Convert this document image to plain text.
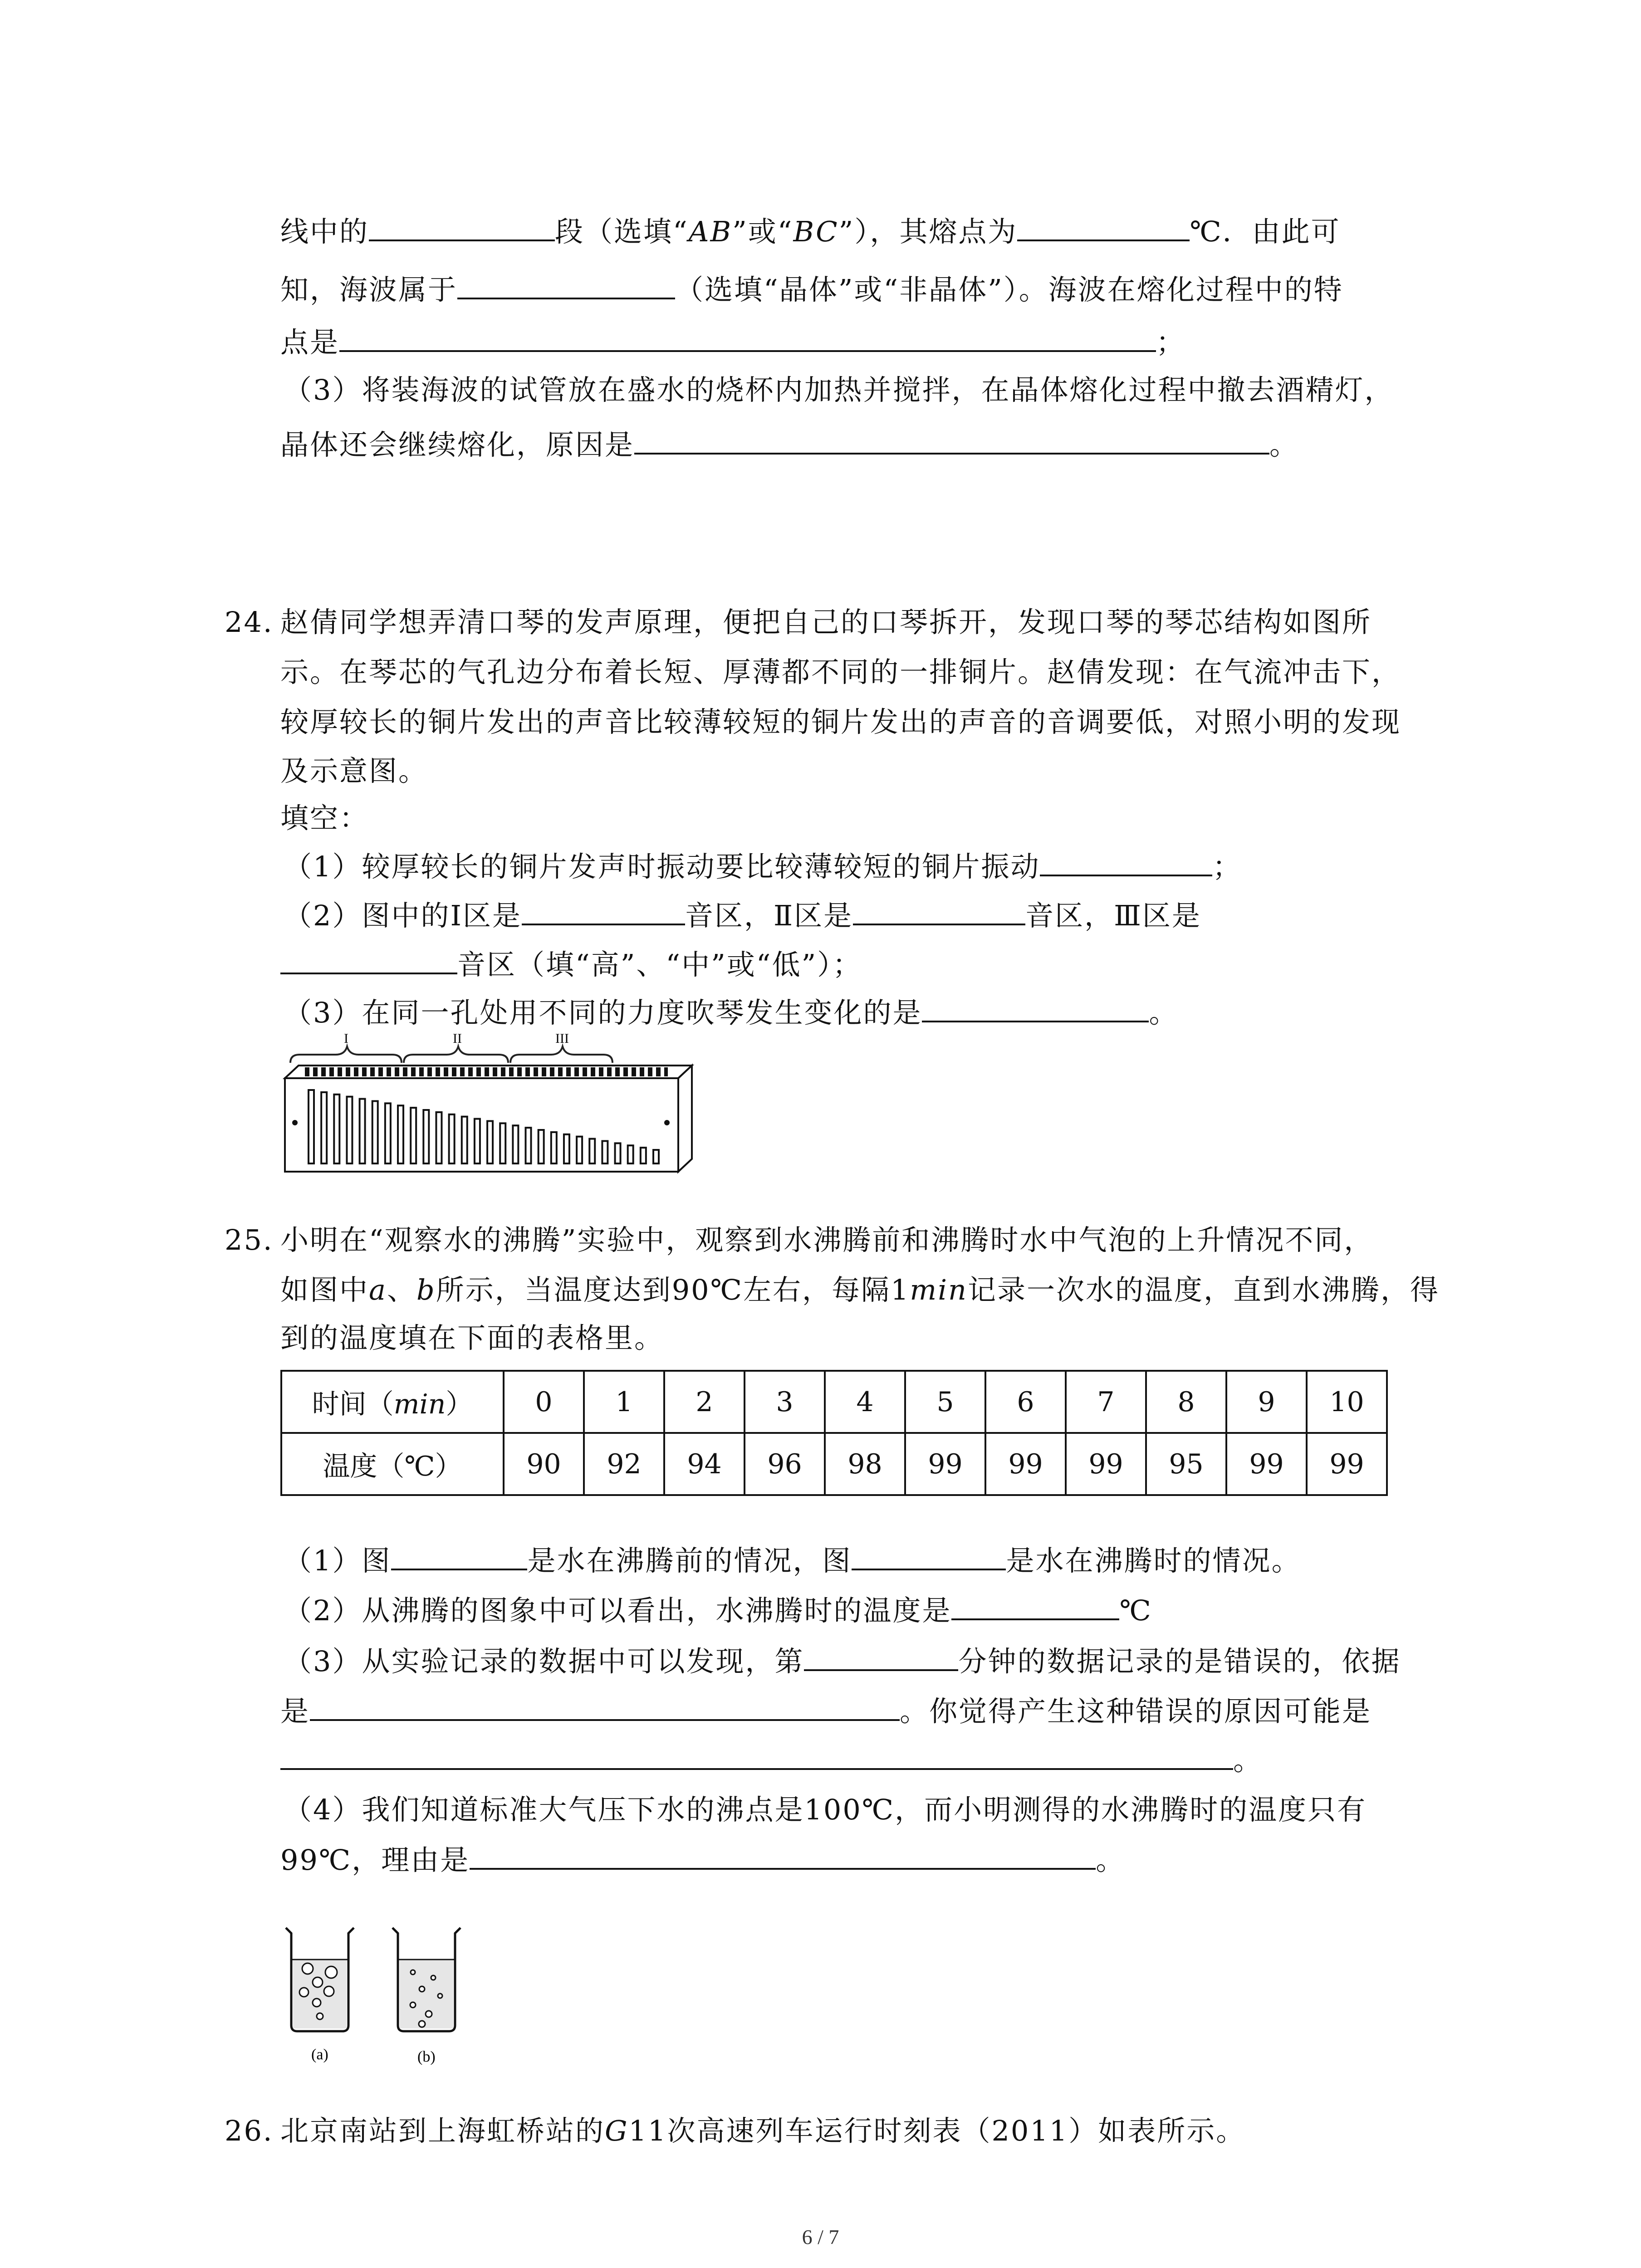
线中的	段（选填“AB”或“BC”），其熔点为	℃．由此可
知，海波属于	（选填“晶体”或“非晶体”）。海波在熔化过程中的特
点是	；
（3）将装海波的试管放在盛水的烧杯内加热并搅拌，在晶体熔化过程中撤去酒精灯，
晶体还会继续熔化，原因是	。
24. 赵倩同学想弄清口琴的发声原理，便把自己的口琴拆开，发现口琴的琴芯结构如图所
示。在琴芯的气孔边分布着长短、厚薄都不同的一排铜片。赵倩发现：在气流冲击下，
较厚较长的铜片发出的声音比较薄较短的铜片发出的声音的音调要低，对照小明的发现
及示意图。
填空：
（1）较厚较长的铜片发声时振动要比较薄较短的铜片振动	；
（2）图中的Ⅰ区是	音区，Ⅱ区是	音区，Ⅲ区是
音区（填“高”、“中”或“低”）；
（3）在同一孔处用不同的力度吹琴发生变化的是	。
I	II	III
25. 小明在“观察水的沸腾”实验中，观察到水沸腾前和沸腾时水中气泡的上升情况不同，
如图中a、b所示，当温度达到90℃左右，每隔1min记录一次水的温度，直到水沸腾，得
到的温度填在下面的表格里。
时间（min）	0	1	2	3	4	5	6	7	8	9	10
温度（℃）	90	92	94	96	98	99	99	99	95	99	99
（1）图	是水在沸腾前的情况，图	是水在沸腾时的情况。
（2）从沸腾的图象中可以看出，水沸腾时的温度是	℃
（3）从实验记录的数据中可以发现，第	分钟的数据记录的是错误的，依据
是	。你觉得产生这种错误的原因可能是
。
（4）我们知道标准大气压下水的沸点是100℃，而小明测得的水沸腾时的温度只有
99℃，理由是	。
(a)	(b)
26. 北京南站到上海虹桥站的G11次高速列车运行时刻表（2011）如表所示。
6 / 7
